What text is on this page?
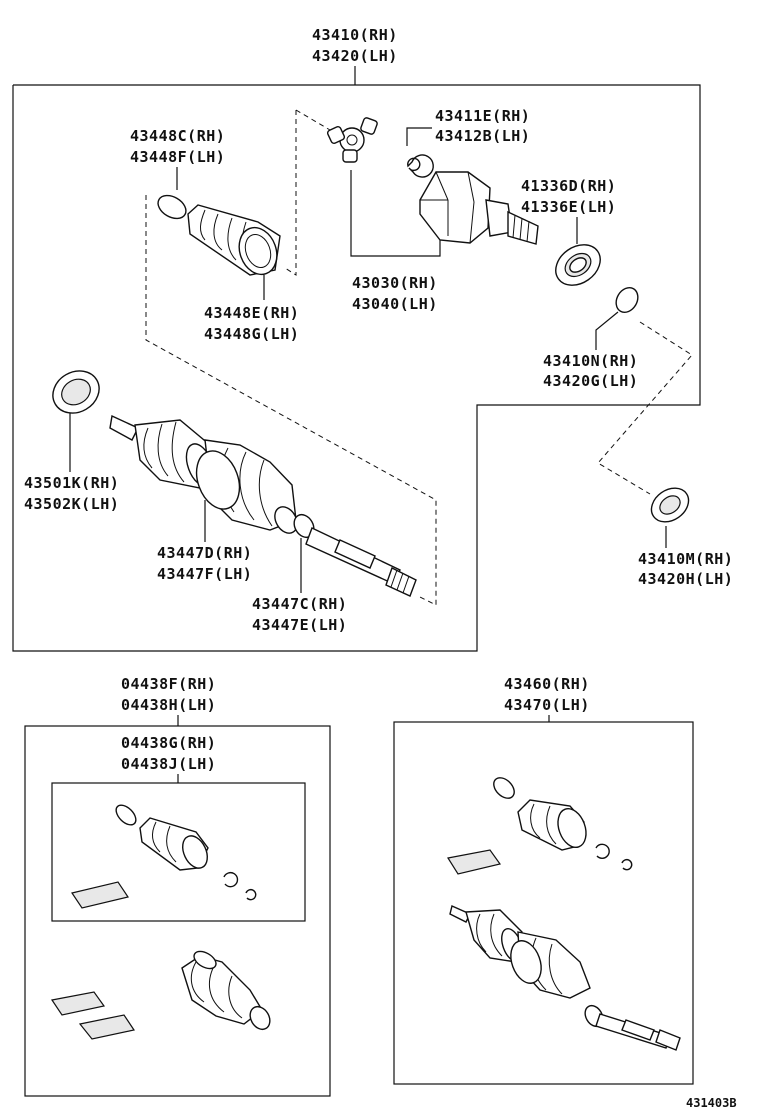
43410(RH)
43420(LH)
43448C(RH)
43448F(LH)
43411E(RH)
43412B(LH)
41336D(RH)
41336E(LH)
43030(RH)
43040(LH)
43448E(RH)
43448G(LH)
43410N(RH)
43420G(LH)
43501K(RH)
43502K(LH)
43447D(RH)
43447F(LH)
43447C(RH)
43447E(LH)
43410M(RH)
43420H(LH)
04438F(RH)
04438H(LH)
04438G(RH)
04438J(LH)
43460(RH)
43470(LH)
431403B
